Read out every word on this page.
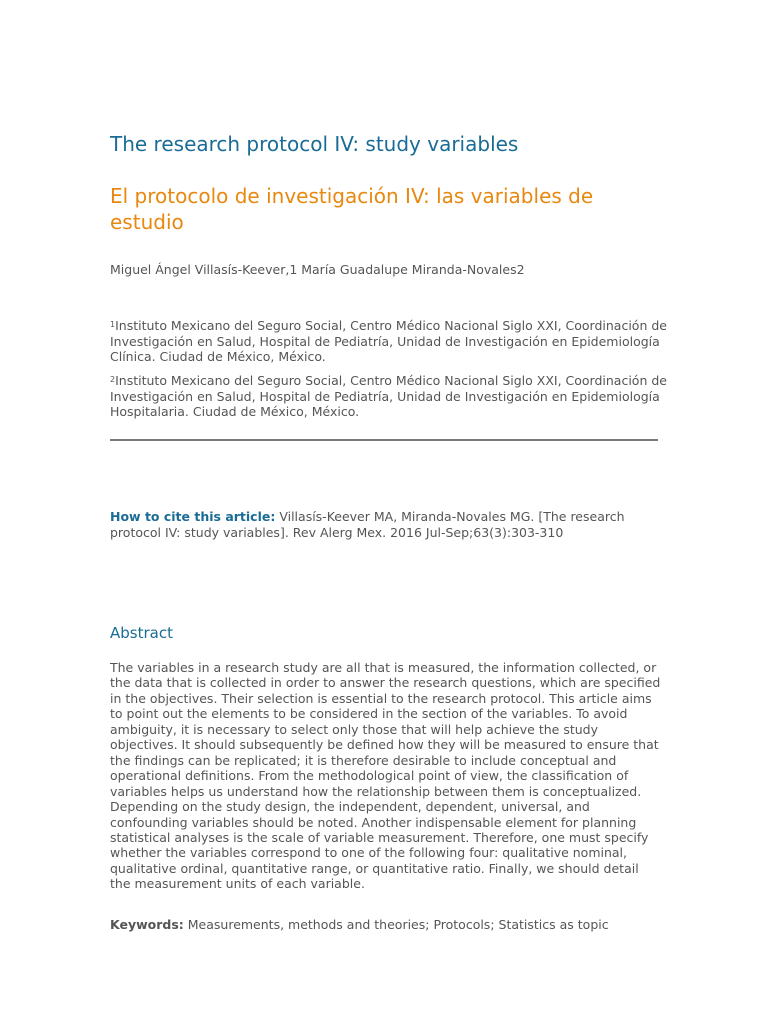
The research protocol IV: study variables
El protocolo de investigación IV: las variables de estudio
Miguel Ángel Villasís-Keever,1 María Guadalupe Miranda-Novales2
$^1$Instituto Mexicano del Seguro Social, Centro Médico Nacional Siglo XXI, Coordinación de Investigación en Salud, Hospital de Pediatría, Unidad de Investigación en Epidemiología Clínica. Ciudad de México, México.
$^2$Instituto Mexicano del Seguro Social, Centro Médico Nacional Siglo XXI, Coordinación de Investigación en Salud, Hospital de Pediatría, Unidad de Investigación en Epidemiología Hospitalaria. Ciudad de México, México.
How to cite this article: Villasís-Keever MA, Miranda-Novales MG. [The research protocol IV: study variables]. Rev Alerg Mex. 2016 Jul-Sep;63(3):303-310
Abstract

The variables in a research study are all that is measured, the information collected, or the data that is collected in order to answer the research questions, which are specified in the objectives. Their selection is essential to the research protocol. This article aims to point out the elements to be considered in the section of the variables. To avoid ambiguity, it is necessary to select only those that will help achieve the study objectives. It should subsequently be defined how they will be measured to ensure that the findings can be replicated; it is therefore desirable to include conceptual and operational definitions. From the methodological point of view, the classification of variables helps us understand how the relationship between them is conceptualized. Depending on the study design, the independent, dependent, universal, and confounding variables should be noted. Another indispensable element for planning statistical analyses is the scale of variable measurement. Therefore, one must specify whether the variables correspond to one of the following four: qualitative nominal, qualitative ordinal, quantitative range, or quantitative ratio. Finally, we should detail the measurement units of each variable.

Keywords: Measurements, methods and theories; Protocols; Statistics as topic
